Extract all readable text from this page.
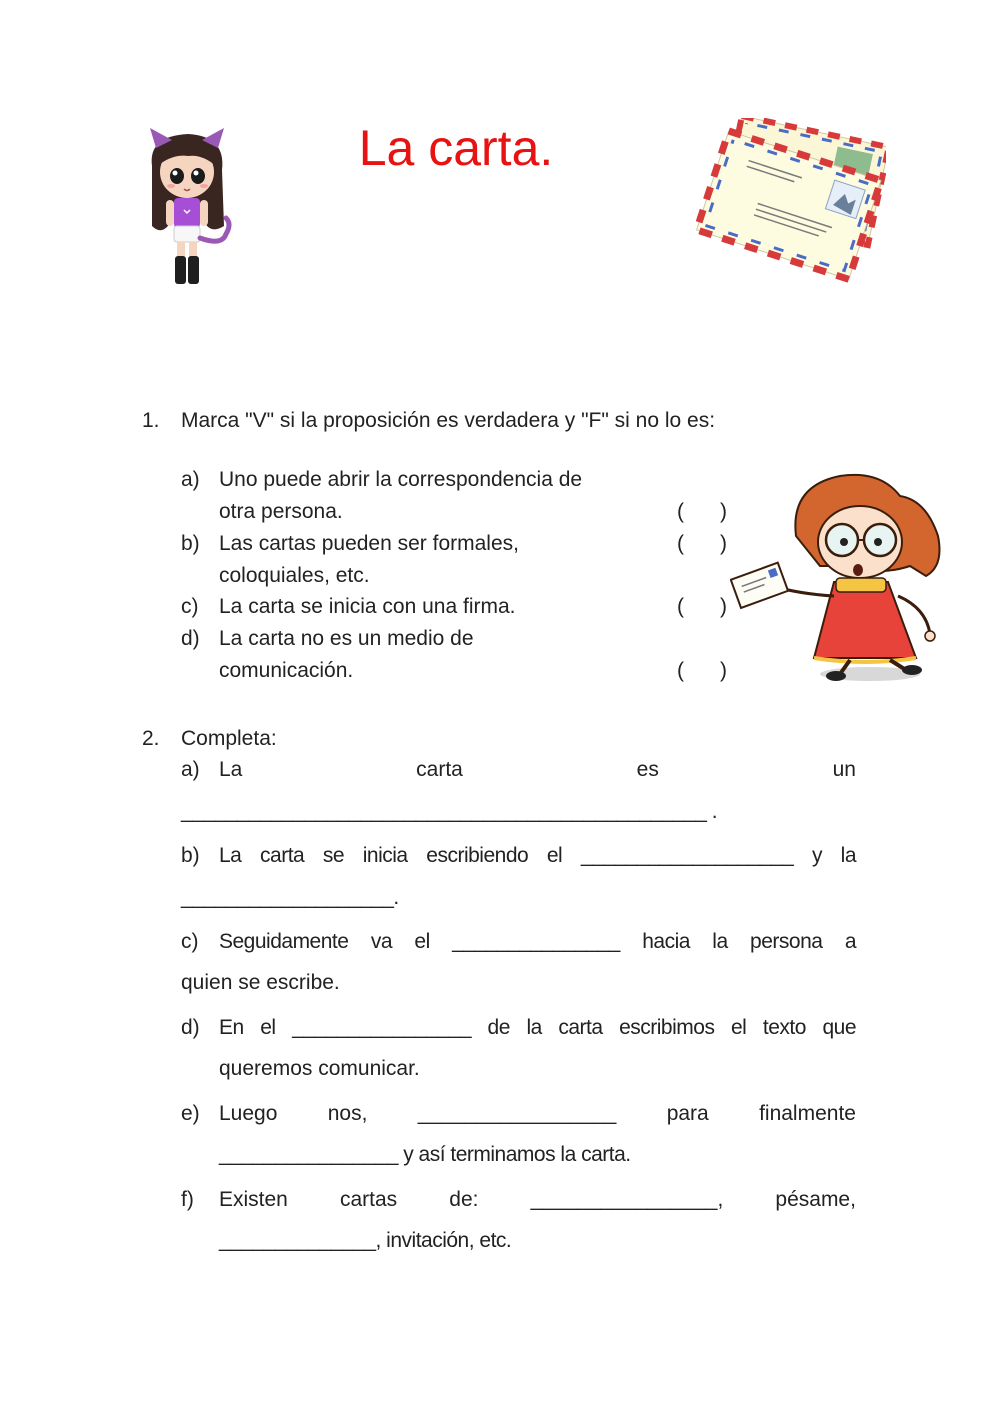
La carta.
1.	Marca "V" si la proposición es verdadera y "F" si no lo es:
a) Uno puede abrir la correspondencia de
otra persona.	( )
b) Las cartas pueden ser formales,
coloquiales, etc.
( )
c) La carta se inicia con una firma.	( )
d) La carta no es un medio de
comunicación.	( )
2.	Completa:
a) La	carta	es	un
_______________________________________________ .
b) La carta se inicia escribiendo el ___________________ y la
___________________.
c) Seguidamente va el _______________ hacia la persona a
quien se escribe.
d) En el ________________ de la carta escribimos el texto que
queremos comunicar.
e) Luego nos, _________________ para finalmente
________________ y así terminamos la carta.
f) Existen cartas de: ________________, pésame,
______________, invitación, etc.
